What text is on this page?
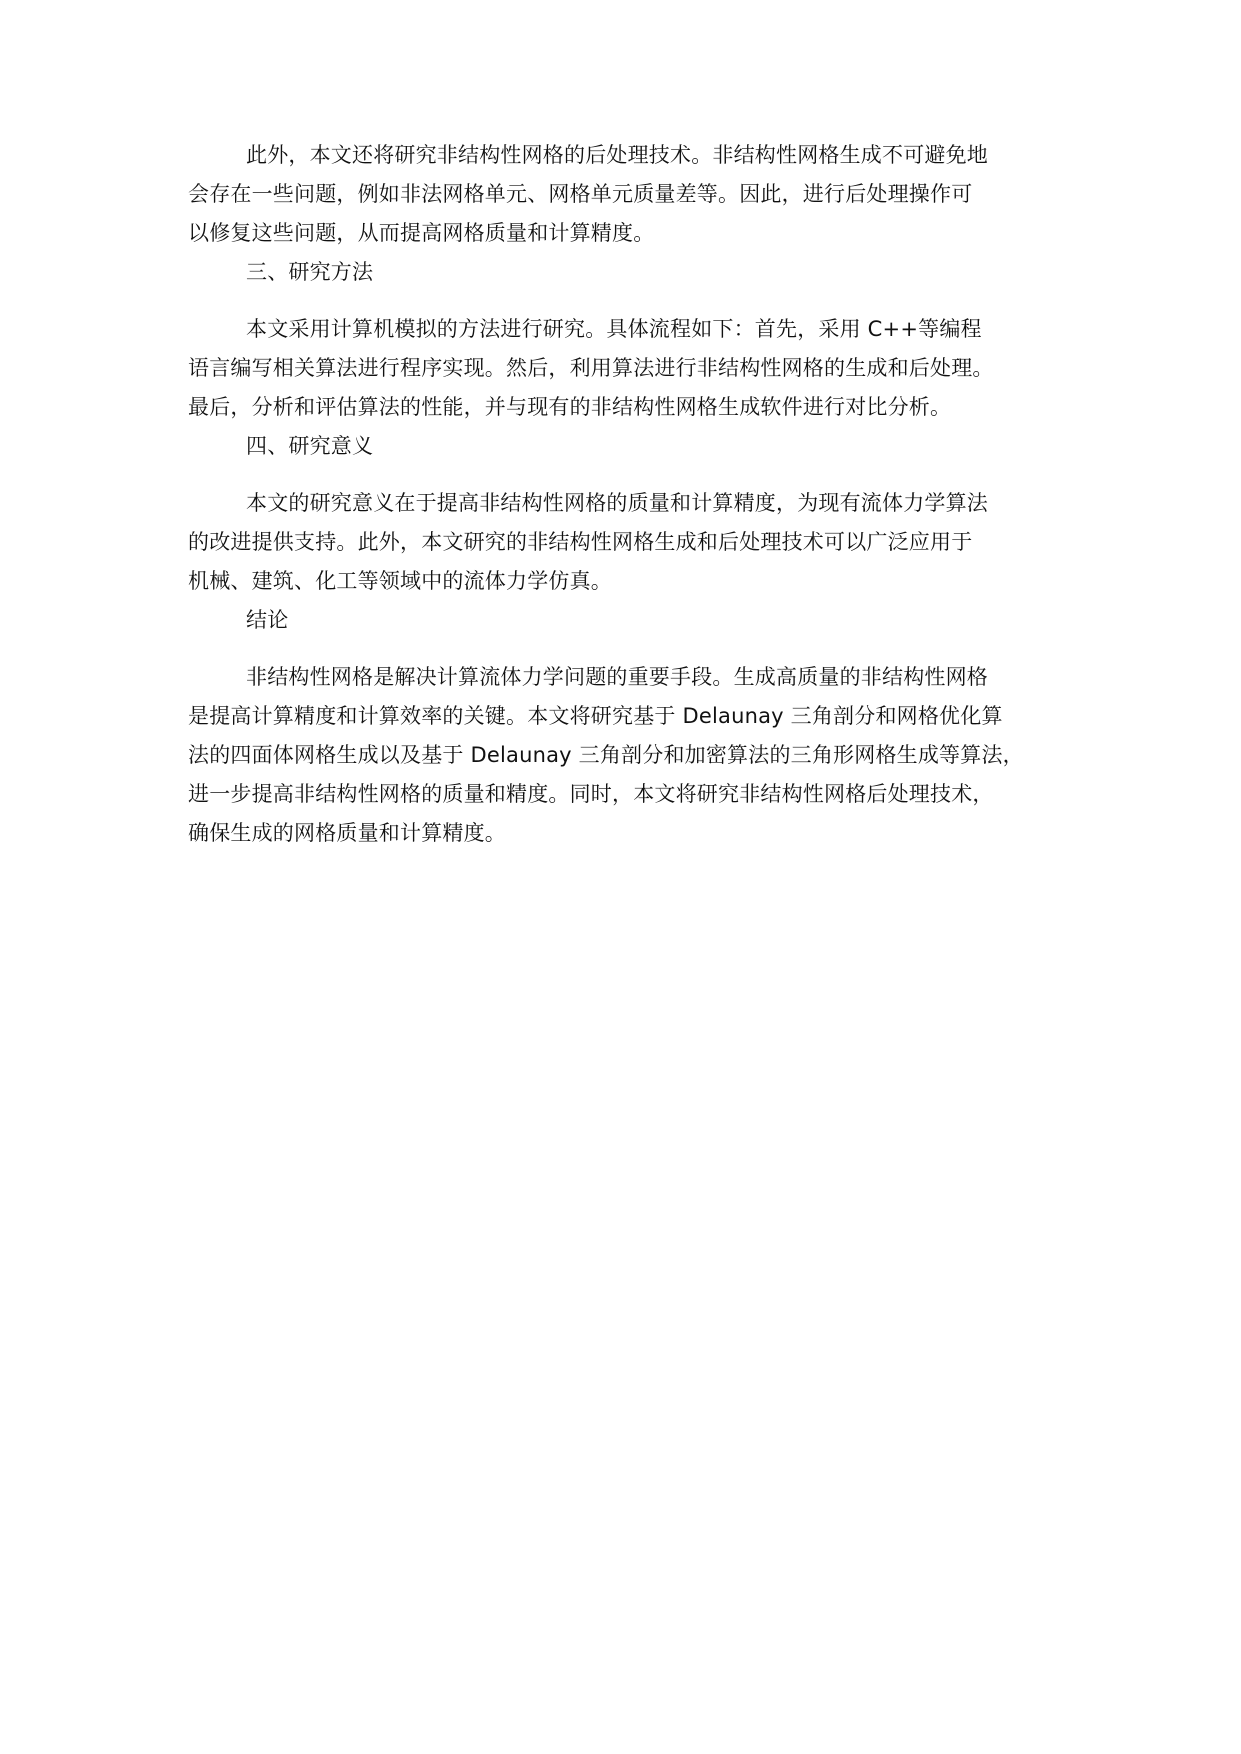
此外，本文还将研究非结构性网格的后处理技术。非结构性网格生成不可避免地
会存在一些问题，例如非法网格单元、网格单元质量差等。因此，进行后处理操作可
以修复这些问题，从而提高网格质量和计算精度。
三、研究方法
本文采用计算机模拟的方法进行研究。具体流程如下：首先，采用 C++等编程
语言编写相关算法进行程序实现。然后，利用算法进行非结构性网格的生成和后处理。
最后，分析和评估算法的性能，并与现有的非结构性网格生成软件进行对比分析。
四、研究意义
本文的研究意义在于提高非结构性网格的质量和计算精度，为现有流体力学算法
的改进提供支持。此外，本文研究的非结构性网格生成和后处理技术可以广泛应用于
机械、建筑、化工等领域中的流体力学仿真。
结论
非结构性网格是解决计算流体力学问题的重要手段。生成高质量的非结构性网格
是提高计算精度和计算效率的关键。本文将研究基于 Delaunay 三角剖分和网格优化算
法的四面体网格生成以及基于 Delaunay 三角剖分和加密算法的三角形网格生成等算法，
进一步提高非结构性网格的质量和精度。同时，本文将研究非结构性网格后处理技术，
确保生成的网格质量和计算精度。
